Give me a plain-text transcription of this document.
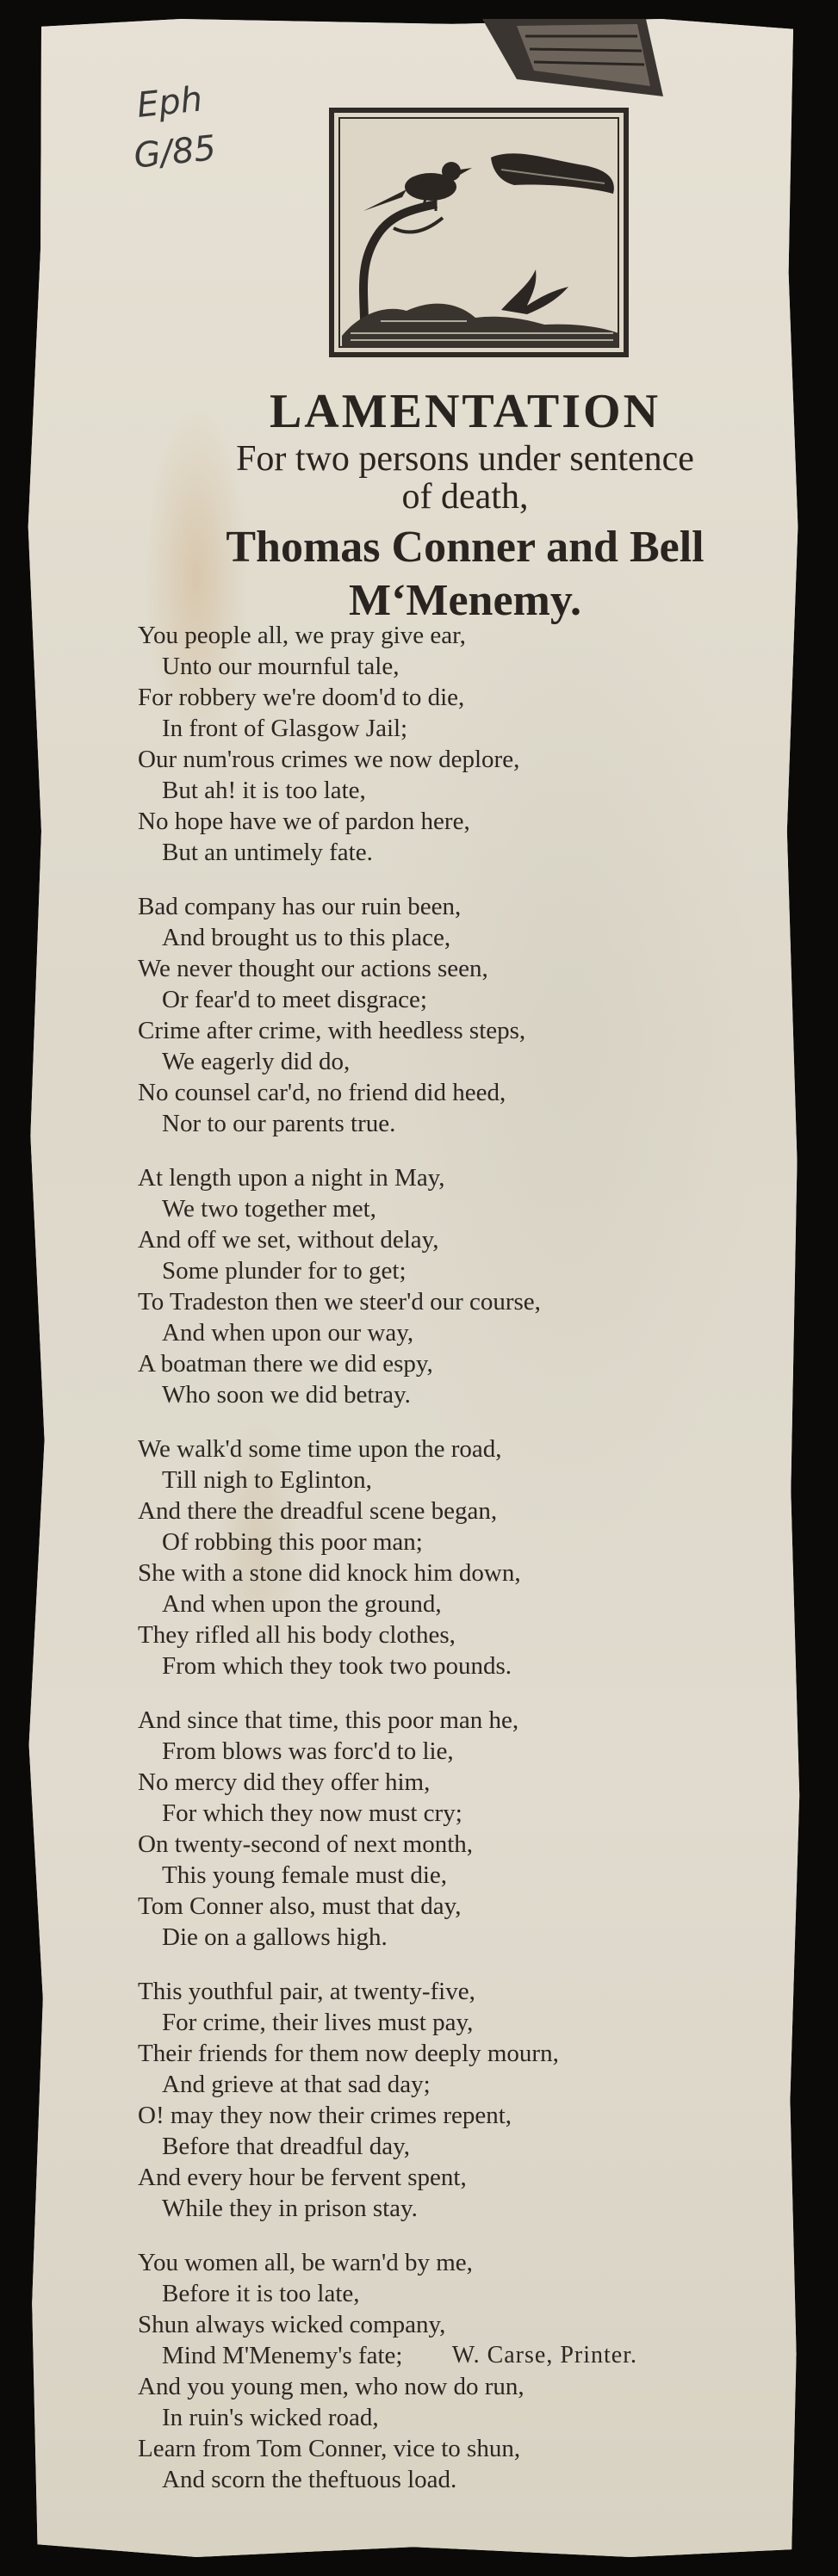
Eph
G/85
LAMENTATION
For two persons under sentence
of death,
Thomas Conner and Bell
M‘Menemy.
You people all, we pray give ear,
Unto our mournful tale,
For robbery we're doom'd to die,
In front of Glasgow Jail;
Our num'rous crimes we now deplore,
But ah! it is too late,
No hope have we of pardon here,
But an untimely fate.
Bad company has our ruin been,
And brought us to this place,
We never thought our actions seen,
Or fear'd to meet disgrace;
Crime after crime, with heedless steps,
We eagerly did do,
No counsel car'd, no friend did heed,
Nor to our parents true.
At length upon a night in May,
We two together met,
And off we set, without delay,
Some plunder for to get;
To Tradeston then we steer'd our course,
And when upon our way,
A boatman there we did espy,
Who soon we did betray.
We walk'd some time upon the road,
Till nigh to Eglinton,
And there the dreadful scene began,
Of robbing this poor man;
She with a stone did knock him down,
And when upon the ground,
They rifled all his body clothes,
From which they took two pounds.
And since that time, this poor man he,
From blows was forc'd to lie,
No mercy did they offer him,
For which they now must cry;
On twenty-second of next month,
This young female must die,
Tom Conner also, must that day,
Die on a gallows high.
This youthful pair, at twenty-five,
For crime, their lives must pay,
Their friends for them now deeply mourn,
And grieve at that sad day;
O! may they now their crimes repent,
Before that dreadful day,
And every hour be fervent spent,
While they in prison stay.
You women all, be warn'd by me,
Before it is too late,
Shun always wicked company,
Mind M'Menemy's fate;
And you young men, who now do run,
In ruin's wicked road,
Learn from Tom Conner, vice to shun,
And scorn the theftuous load.
W. Carse, Printer.
